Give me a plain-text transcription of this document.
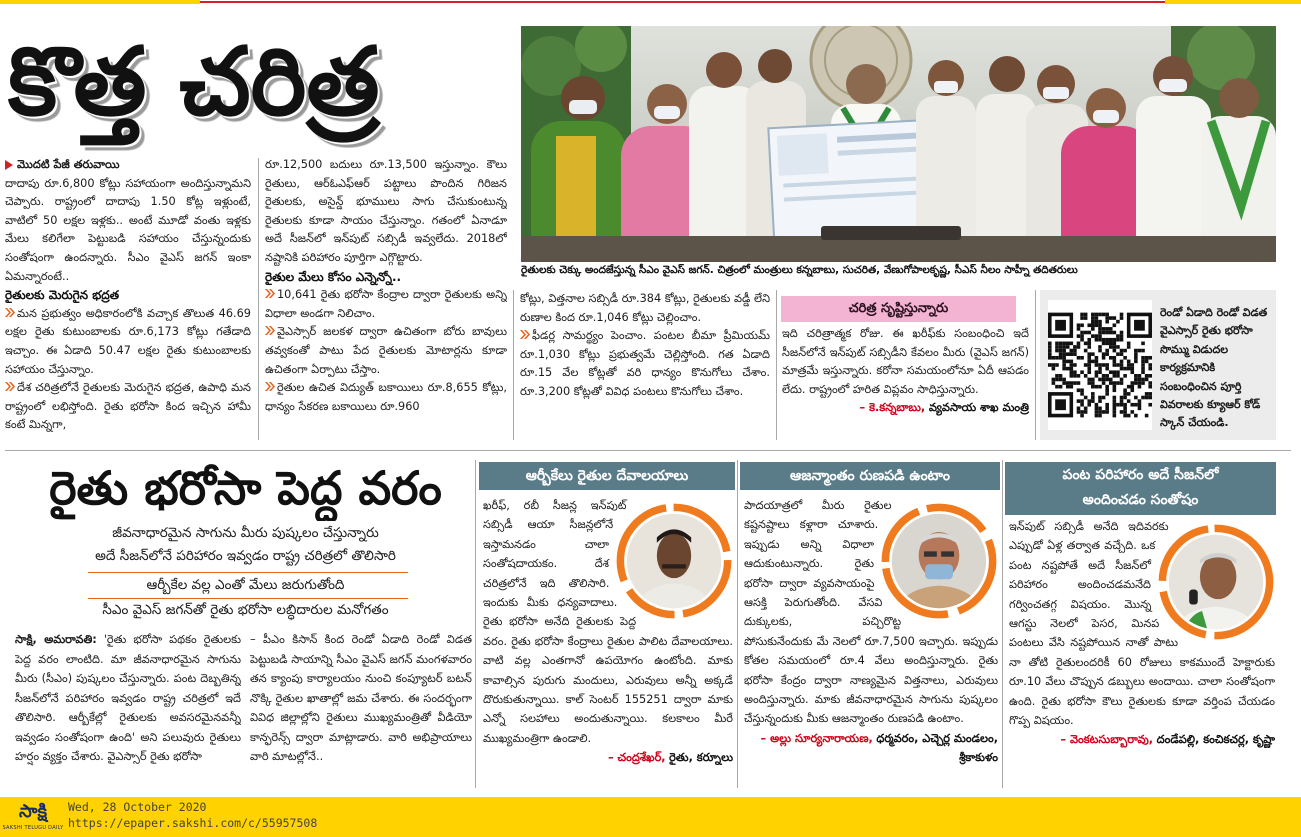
కొత్త చరిత్ర
రైతులకు చెక్కు అందజేస్తున్న సీఎం వైఎస్ జగన్. చిత్రంలో మంత్రులు కన్నబాబు, సుచరిత, వేణుగోపాలకృష్ణ, సీఎస్ నీలం సాహ్నీ తదితరులు

మొదటి పేజీ తరువాయి

దాదాపు రూ.6,800 కోట్లు సహాయంగా అందిస్తున్నామని చెప్పారు. రాష్ట్రంలో దాదాపు 1.50 కోట్ల ఇళ్లుంటే, వాటిలో 50 లక్షల ఇళ్లకు.. అంటే మూడో వంతు ఇళ్లకు మేలు కలిగేలా పెట్టుబడి సహాయం చేస్తున్నందుకు సంతోషంగా ఉందన్నారు. సీఎం వైఎస్ జగన్ ఇంకా ఏమన్నారంటే..

రైతులకు మెరుగైన భద్రత

మన ప్రభుత్వం అధికారంలోకి వచ్చాక తొలుత 46.69 లక్షల రైతు కుటుంబాలకు రూ.6,173 కోట్లు గతేడాది ఇచ్చాం. ఈ ఏడాది 50.47 లక్షల రైతు కుటుంబాలకు సహాయం చేస్తున్నాం.

దేశ చరిత్రలోనే రైతులకు మెరుగైన భద్రత, ఉపాధి మన రాష్ట్రంలో లభిస్తోంది. రైతు భరోసా కింద ఇచ్చిన హామీ కంటే మిన్నగా,

రూ.12,500 బదులు రూ.13,500 ఇస్తున్నాం. కౌలు రైతులు, ఆర్‌ఓఎఫ్‌ఆర్ పట్టాలు పొందిన గిరిజన రైతులకు, అసైన్డ్ భూములు సాగు చేసుకుంటున్న రైతులకు కూడా సాయం చేస్తున్నాం. గతంలో ఏనాడూ అదే సీజన్‌లో ఇన్‌పుట్ సబ్సిడీ ఇవ్వలేదు. 2018లో నష్టానికి పరిహారం పూర్తిగా ఎగ్గొట్టారు.

రైతుల మేలు కోసం ఎన్నెన్నో..

10,641 రైతు భరోసా కేంద్రాల ద్వారా రైతులకు అన్ని విధాలా అండగా నిలిచాం.

వైఎస్సార్ జలకళ ద్వారా ఉచితంగా బోరు బావులు తవ్వకంతో పాటు పేద రైతులకు మోటార్లను కూడా ఉచితంగా ఏర్పాటు చేస్తాం.

రైతుల ఉచిత విద్యుత్ బకాయిలు రూ.8,655 కోట్లు, ధాన్యం సేకరణ బకాయిలు రూ.960

కోట్లు, విత్తనాల సబ్సిడీ రూ.384 కోట్లు, రైతులకు వడ్డీ లేని రుణాల కింద రూ.1,046 కోట్లు చెల్లించాం.

ఫీడర్ల సామర్థ్యం పెంచాం. పంటల బీమా ప్రీమియమ్ రూ.1,030 కోట్లు ప్రభుత్వమే చెల్లిస్తోంది. గత ఏడాది రూ.15 వేల కోట్లతో వరి ధాన్యం కొనుగోలు చేశాం. రూ.3,200 కోట్లతో వివిధ పంటలు కొనుగోలు చేశాం.

చరిత్ర సృష్టిస్తున్నారు

ఇది చరిత్రాత్మక రోజు. ఈ ఖరీఫ్‌కు సంబంధించి ఇదే సీజన్‌లోనే ఇన్‌పుట్ సబ్సిడీని కేవలం మీరు (వైఎస్ జగన్) మాత్రమే ఇస్తున్నారు. కరోనా సమయంలోనూ ఏదీ ఆపడం లేదు. రాష్ట్రంలో హరిత విప్లవం సాధిస్తున్నారు.

– కె.కన్నబాబు, వ్యవసాయ శాఖ మంత్రి

రెండో ఏడాది రెండో విడత వైఎస్సార్ రైతు భరోసా సొమ్ము విడుదల కార్యక్రమానికి సంబంధించిన పూర్తి వివరాలకు క్యూఆర్ కోడ్ స్కాన్ చేయండి.
రైతు భరోసా పెద్ద వరం
జీవనాధారమైన సాగును మీరు పుష్కలం చేస్తున్నారు
అదే సీజన్‌లోనే పరిహారం ఇవ్వడం రాష్ట్ర చరిత్రలో తొలిసారి
ఆర్బీకేల వల్ల ఎంతో మేలు జరుగుతోంది
సీఎం వైఎస్ జగన్‌తో రైతు భరోసా లబ్ధిదారుల మనోగతం

సాక్షి, అమరావతి: 'రైతు భరోసా పథకం రైతులకు పెద్ద వరం లాంటిది. మా జీవనాధారమైన సాగును మీరు (సీఎం) పుష్కలం చేస్తున్నారు. పంట దెబ్బతిన్న సీజన్‌లోనే పరిహారం ఇవ్వడం రాష్ట్ర చరిత్రలో ఇదే తొలిసారి. ఆర్బీకేల్లో రైతులకు అవసరమైనవన్నీ ఇవ్వడం సంతోషంగా ఉంది' అని పలువురు రైతులు హర్షం వ్యక్తం చేశారు. వైఎస్సార్ రైతు భరోసా

– పీఎం కిసాన్ కింద రెండో ఏడాది రెండో విడత పెట్టుబడి సాయాన్ని సీఎం వైఎస్ జగన్ మంగళవారం తన క్యాంపు కార్యాలయం నుంచి కంప్యూటర్ బటన్ నొక్కి రైతుల ఖాతాల్లో జమ చేశారు. ఈ సందర్భంగా వివిధ జిల్లాల్లోని రైతులు ముఖ్యమంత్రితో వీడియో కాన్ఫరెన్స్ ద్వారా మాట్లాడారు. వారి అభిప్రాయాలు వారి మాటల్లోనే..

ఆర్బీకేలు రైతుల దేవాలయాలు

ఖరీఫ్, రబీ సీజన్ల ఇన్‌పుట్ సబ్సిడీ ఆయా సీజన్లలోనే ఇస్తామనడం చాలా సంతోషదాయకం. దేశ చరిత్రలోనే ఇది తొలిసారి. ఇందుకు మీకు ధన్యవాదాలు. రైతు భరోసా అనేది రైతులకు పెద్ద వరం. రైతు భరోసా కేంద్రాలు రైతుల పాలిట దేవాలయాలు. వాటి వల్ల ఎంతగానో ఉపయోగం ఉంటోంది. మాకు కావాల్సిన పురుగు మందులు, ఎరువులు అన్నీ అక్కడే దొరుకుతున్నాయి. కాల్ సెంటర్ 155251 ద్వారా మాకు ఎన్నో సలహాలు అందుతున్నాయి. కలకాలం మీరే ముఖ్యమంత్రిగా ఉండాలి.

– చంద్రశేఖర్, రైతు, కర్నూలు

ఆజన్మాంతం రుణపడి ఉంటాం

పాదయాత్రలో మీరు రైతుల కష్టనష్టాలు కళ్లారా చూశారు. ఇప్పుడు అన్ని విధాలా ఆదుకుంటున్నారు. రైతు భరోసా ద్వారా వ్యవసాయంపై ఆసక్తి పెరుగుతోంది. వేసవి దుక్కులకు, పచ్చిరొట్ట పోసుకునేందుకు మే నెలలో రూ.7,500 ఇచ్చారు. ఇప్పుడు కోతల సమయంలో రూ.4 వేలు అందిస్తున్నారు. రైతు భరోసా కేంద్రం ద్వారా నాణ్యమైన విత్తనాలు, ఎరువులు అందిస్తున్నారు. మాకు జీవనాధారమైన సాగును పుష్కలం చేస్తున్నందుకు మీకు ఆజన్మాంతం రుణపడి ఉంటాం.

– అల్లు సూర్యనారాయణ, ధర్మవరం, ఎచ్చెర్ల మండలం, శ్రీకాకుళం

పంట పరిహారం అదే సీజన్‌లో
అందించడం సంతోషం

ఇన్‌పుట్ సబ్సిడీ అనేది ఇదివరకు ఎప్పుడో ఏళ్ల తర్వాత వచ్చేది. ఒక పంట నష్టపోతే అదే సీజన్‌లో పరిహారం అందించడమనేది గర్వించతగ్గ విషయం. మొన్న ఆగస్టు నెలలో పెసర, మినప పంటలు వేసి నష్టపోయిన నాతో పాటు నా తోటి రైతులందరికీ 60 రోజులు కాకముందే హెక్టారుకు రూ.10 వేలు చొప్పున డబ్బులు అందాయి. చాలా సంతోషంగా ఉంది. రైతు భరోసా కౌలు రైతులకు కూడా వర్తింప చేయడం గొప్ప విషయం.

– వెంకటసుబ్బారావు, దండేపల్లి, కంచికచర్ల, కృష్ణా

సాక్షి
SAKSHI TELUGU DAILY
Wed, 28 October 2020
https://epaper.sakshi.com/c/55957508
